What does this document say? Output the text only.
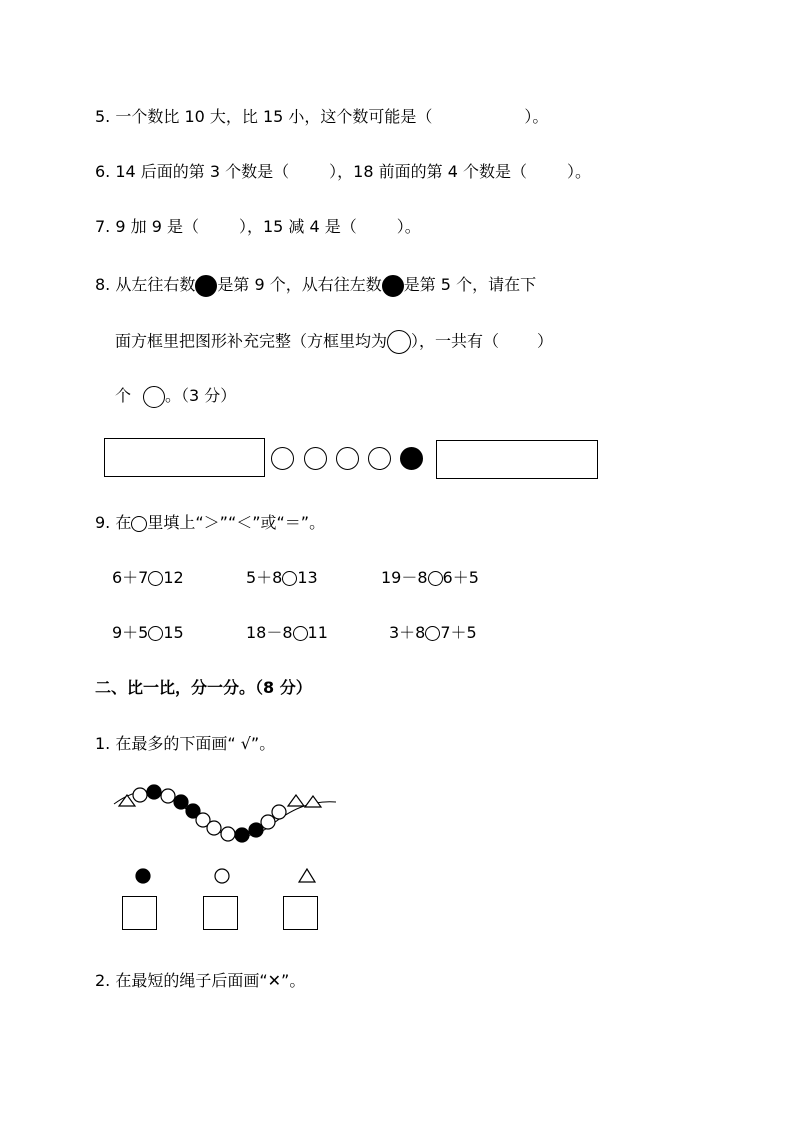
5. 一个数比 10 大，比 15 小，这个数可能是（	）。
6. 14 后面的第 3 个数是（	），18 前面的第 4 个数是（	）。
7. 9 加 9 是（	），15 减 4 是（	）。
8. 从左往右数 是第 9 个，从右往左数 是第 5 个，请在下
面方框里把图形补充完整（方框里均为 ），一共有（ ）
个 。（3 分）
9. 在 里填上“＞”“＜”或“＝”。
6＋7 12	5＋8 13	19－8 6＋5
9＋5 15	18－8 11	3＋8 7＋5
二、比一比，分一分。（8 分）
1. 在最多的下面画“ √”。
2. 在最短的绳子后面画“✕”。
